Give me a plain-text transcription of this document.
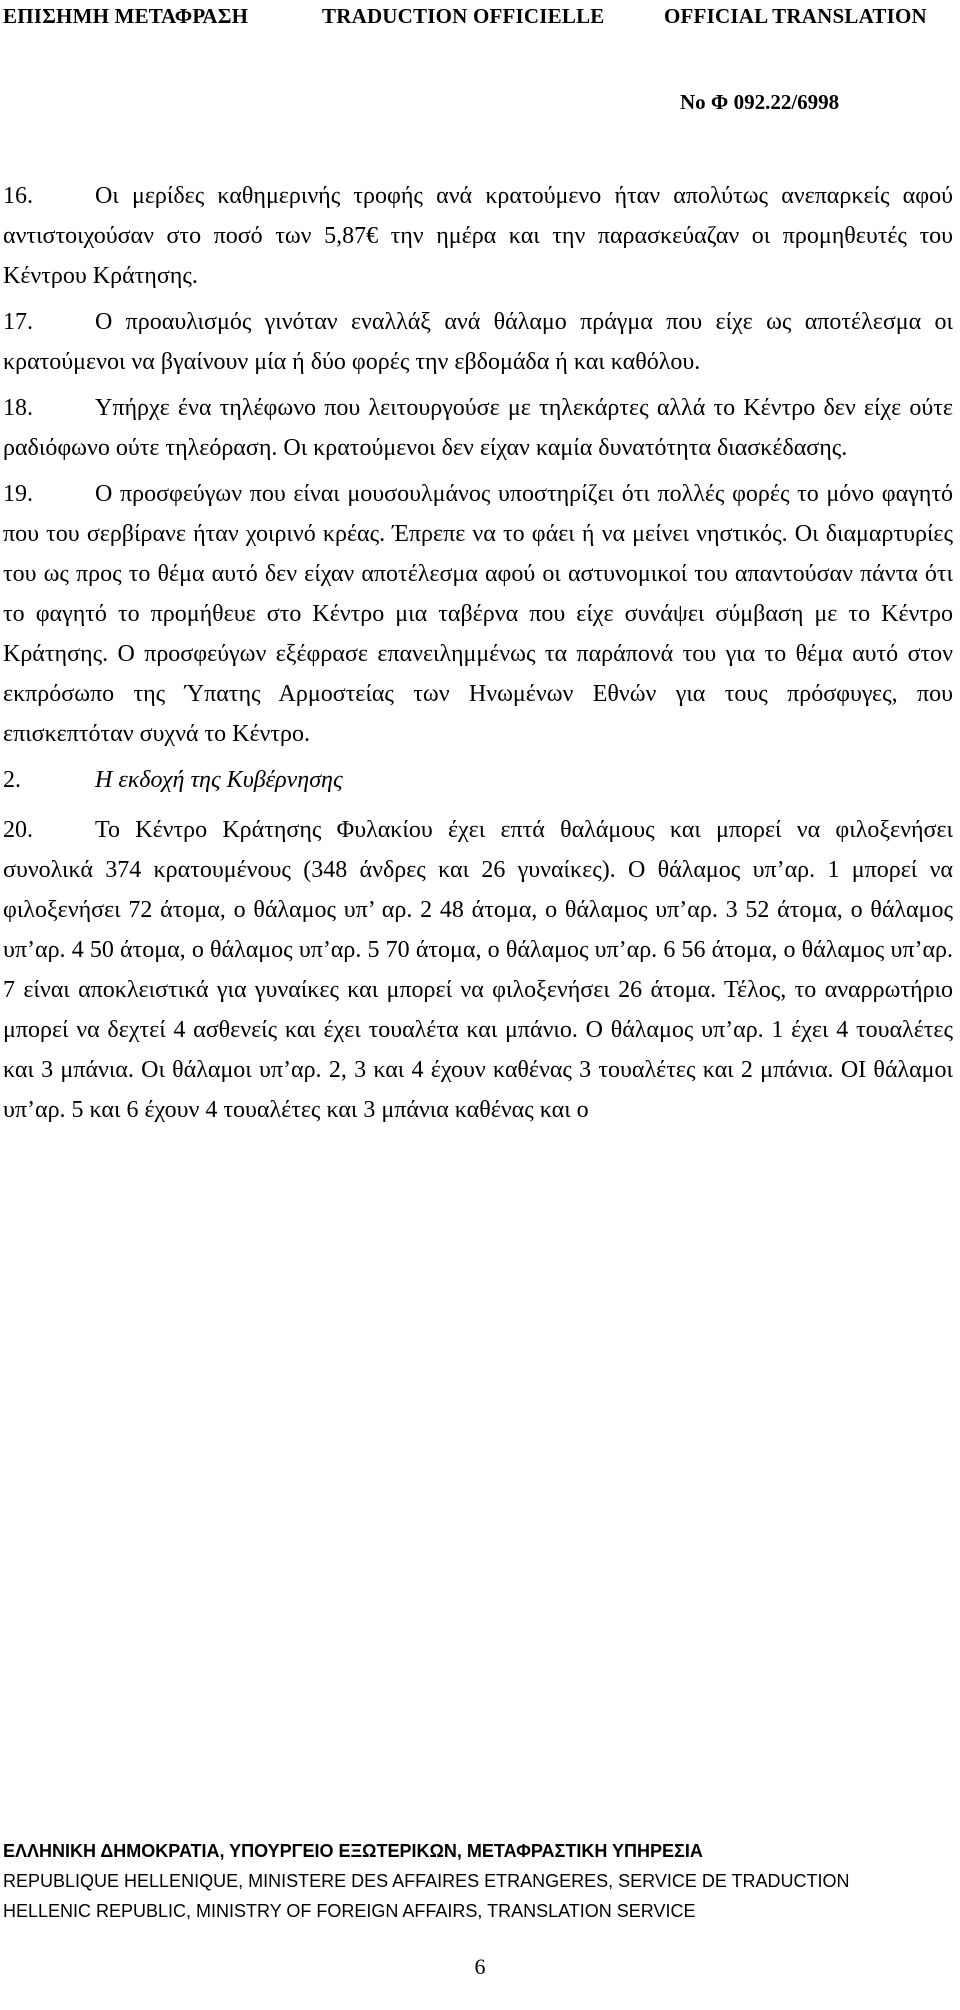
ΕΠΙΣΗΜΗ ΜΕΤΑΦΡΑΣΗ	TRADUCTION OFFICIELLE	OFFICIAL TRANSLATION
No Φ 092.22/6998

16.	Οι μερίδες καθημερινής τροφής ανά κρατούμενο ήταν απολύτως ανεπαρκείς αφού αντιστοιχούσαν στο ποσό των 5,87€ την ημέρα και την παρασκεύαζαν οι προμηθευτές του Κέντρου Κράτησης.

17.	Ο προαυλισμός γινόταν εναλλάξ ανά θάλαμο πράγμα που είχε ως αποτέλεσμα οι κρατούμενοι να βγαίνουν μία ή δύο φορές την εβδομάδα ή και καθόλου.

18.	Υπήρχε ένα τηλέφωνο που λειτουργούσε με τηλεκάρτες αλλά το Κέντρο δεν είχε ούτε ραδιόφωνο ούτε τηλεόραση. Οι κρατούμενοι δεν είχαν καμία δυνατότητα διασκέδασης.

19.	Ο προσφεύγων που είναι μουσουλμάνος υποστηρίζει ότι πολλές φορές το μόνο φαγητό που του σερβίρανε ήταν χοιρινό κρέας. Έπρεπε να το φάει ή να μείνει νηστικός. Οι διαμαρτυρίες του ως προς το θέμα αυτό δεν είχαν αποτέλεσμα αφού οι αστυνομικοί του απαντούσαν πάντα ότι το φαγητό το προμήθευε στο Κέντρο μια ταβέρνα που είχε συνάψει σύμβαση με το Κέντρο Κράτησης. Ο προσφεύγων εξέφρασε επανειλημμένως τα παράπονά του για το θέμα αυτό στον εκπρόσωπο της Ύπατης Αρμοστείας των Ηνωμένων Εθνών για τους πρόσφυγες, που επισκεπτόταν συχνά το Κέντρο.

2.	Η εκδοχή της Κυβέρνησης

20.	Το Κέντρο Κράτησης Φυλακίου έχει επτά θαλάμους και μπορεί να φιλοξενήσει συνολικά 374 κρατουμένους (348 άνδρες και 26 γυναίκες). Ο θάλαμος υπ’αρ. 1 μπορεί να φιλοξενήσει 72 άτομα, ο θάλαμος υπ’ αρ. 2 48 άτομα, ο θάλαμος υπ’αρ. 3 52 άτομα, ο θάλαμος υπ’αρ. 4 50 άτομα, ο θάλαμος υπ’αρ. 5 70 άτομα, ο θάλαμος υπ’αρ. 6 56 άτομα, ο θάλαμος υπ’αρ. 7 είναι αποκλειστικά για γυναίκες και μπορεί να φιλοξενήσει 26 άτομα. Τέλος, το αναρρωτήριο μπορεί να δεχτεί 4 ασθενείς και έχει τουαλέτα και μπάνιο. Ο θάλαμος υπ’αρ. 1 έχει 4 τουαλέτες και 3 μπάνια. Οι θάλαμοι υπ’αρ. 2, 3 και 4 έχουν καθένας 3 τουαλέτες και 2 μπάνια. ΟΙ θάλαμοι υπ’αρ. 5 και 6 έχουν 4 τουαλέτες και 3 μπάνια καθένας και ο

ΕΛΛΗΝΙΚΗ ΔΗΜΟΚΡΑΤΙΑ, ΥΠΟΥΡΓΕΙΟ ΕΞΩΤΕΡΙΚΩΝ, ΜΕΤΑΦΡΑΣΤΙΚΗ ΥΠΗΡΕΣΙΑ
REPUBLIQUE HELLENIQUE, MINISTERE DES AFFAIRES ETRANGERES, SERVICE DE TRADUCTION
HELLENIC REPUBLIC, MINISTRY OF FOREIGN AFFAIRS, TRANSLATION SERVICE
6
